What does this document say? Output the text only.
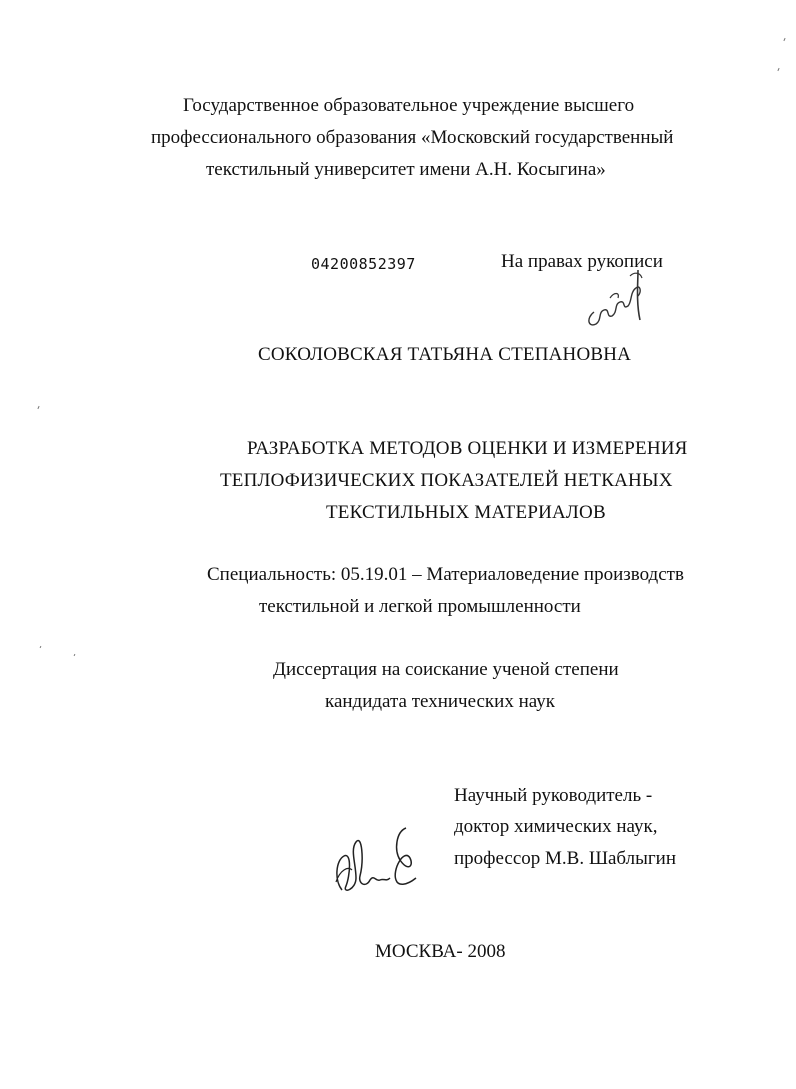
Государственное образовательное учреждение высшего
профессионального образования «Московский государственный
текстильный университет имени А.Н. Косыгина»
04200852397	На правах рукописи
СОКОЛОВСКАЯ ТАТЬЯНА СТЕПАНОВНА
РАЗРАБОТКА МЕТОДОВ ОЦЕНКИ И ИЗМЕРЕНИЯ
ТЕПЛОФИЗИЧЕСКИХ ПОКАЗАТЕЛЕЙ НЕТКАНЫХ
ТЕКСТИЛЬНЫХ МАТЕРИАЛОВ
Специальность: 05.19.01 – Материаловедение производств
текстильной и легкой промышленности
Диссертация на соискание ученой степени
кандидата технических наук
Научный руководитель -
доктор химических наук,
профессор М.В. Шаблыгин
МОСКВА- 2008
